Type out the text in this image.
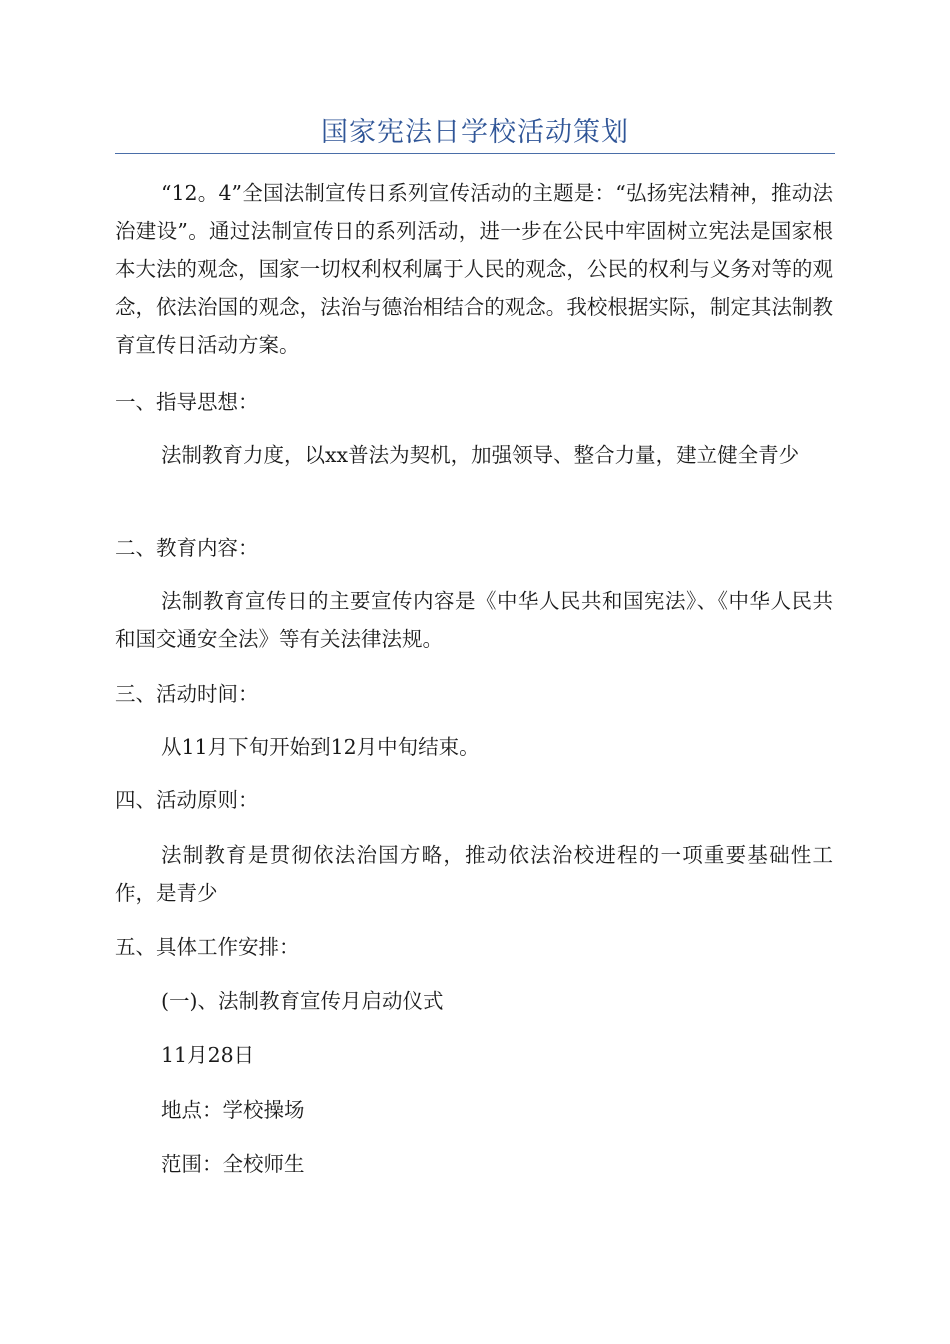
国家宪法日学校活动策划
“12。4”全国法制宣传日系列宣传活动的主题是：“弘扬宪法精神，推动法治建设”。通过法制宣传日的系列活动，进一步在公民中牢固树立宪法是国家根本大法的观念，国家一切权利权利属于人民的观念，公民的权利与义务对等的观念，依法治国的观念，法治与德治相结合的观念。我校根据实际，制定其法制教育宣传日活动方案。
一、指导思想：
法制教育力度，以xx普法为契机，加强领导、整合力量，建立健全青少
二、教育内容：
法制教育宣传日的主要宣传内容是《中华人民共和国宪法》、《中华人民共和国交通安全法》等有关法律法规。
三、活动时间：
从11月下旬开始到12月中旬结束。
四、活动原则：
法制教育是贯彻依法治国方略，推动依法治校进程的一项重要基础性工作，是青少
五、具体工作安排：
(一)、法制教育宣传月启动仪式
11月28日
地点：学校操场
范围：全校师生
